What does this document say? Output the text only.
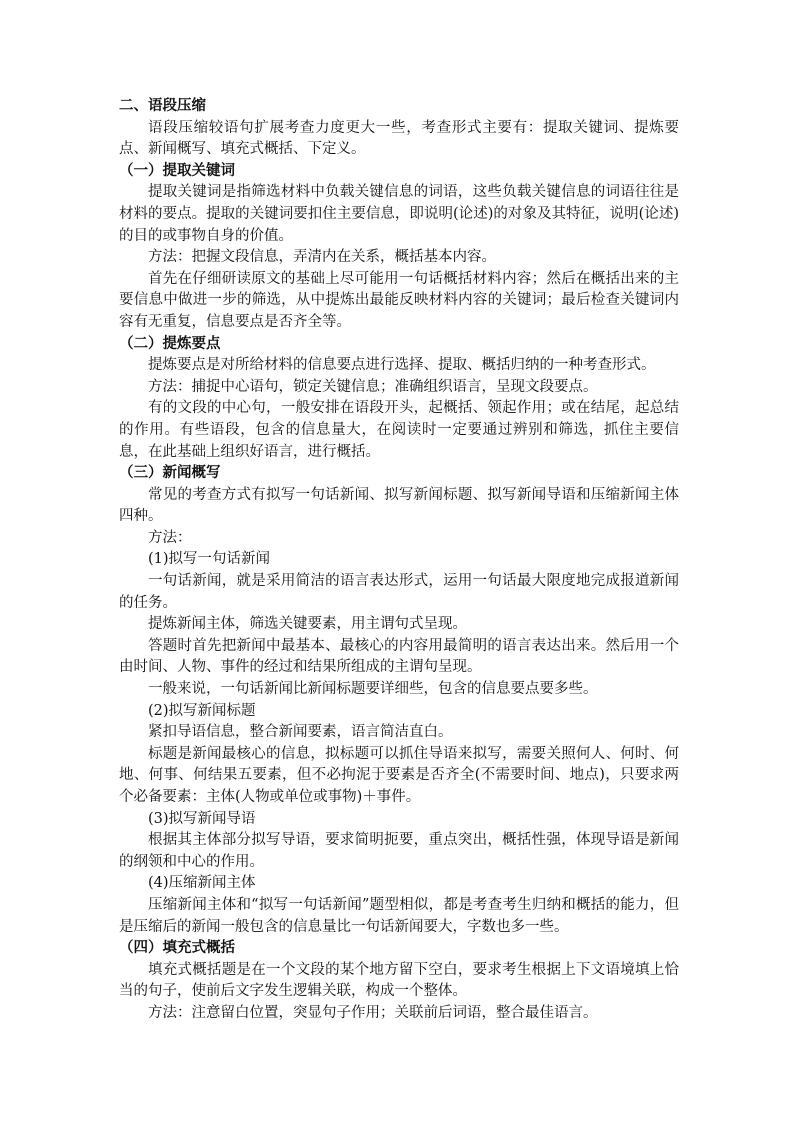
二、语段压缩

语段压缩较语句扩展考查力度更大一些，考查形式主要有：提取关键词、提炼要点、新闻概写、填充式概括、下定义。

（一）提取关键词

提取关键词是指筛选材料中负载关键信息的词语，这些负载关键信息的词语往往是材料的要点。提取的关键词要扣住主要信息，即说明(论述)的对象及其特征，说明(论述)的目的或事物自身的价值。

方法：把握文段信息，弄清内在关系，概括基本内容。

首先在仔细研读原文的基础上尽可能用一句话概括材料内容；然后在概括出来的主要信息中做进一步的筛选，从中提炼出最能反映材料内容的关键词；最后检查关键词内容有无重复，信息要点是否齐全等。

（二）提炼要点

提炼要点是对所给材料的信息要点进行选择、提取、概括归纳的一种考查形式。

方法：捕捉中心语句，锁定关键信息；准确组织语言，呈现文段要点。

有的文段的中心句，一般安排在语段开头，起概括、领起作用；或在结尾，起总结的作用。有些语段，包含的信息量大，在阅读时一定要通过辨别和筛选，抓住主要信息，在此基础上组织好语言，进行概括。

（三）新闻概写

常见的考查方式有拟写一句话新闻、拟写新闻标题、拟写新闻导语和压缩新闻主体四种。

方法：

(1)拟写一句话新闻

一句话新闻，就是采用简洁的语言表达形式，运用一句话最大限度地完成报道新闻的任务。

提炼新闻主体，筛选关键要素，用主谓句式呈现。

答题时首先把新闻中最基本、最核心的内容用最简明的语言表达出来。然后用一个由时间、人物、事件的经过和结果所组成的主谓句呈现。

一般来说，一句话新闻比新闻标题要详细些，包含的信息要点要多些。

(2)拟写新闻标题

紧扣导语信息，整合新闻要素，语言简洁直白。

标题是新闻最核心的信息，拟标题可以抓住导语来拟写，需要关照何人、何时、何地、何事、何结果五要素，但不必拘泥于要素是否齐全(不需要时间、地点)，只要求两个必备要素：主体(人物或单位或事物)＋事件。

(3)拟写新闻导语

根据其主体部分拟写导语，要求简明扼要，重点突出，概括性强，体现导语是新闻的纲领和中心的作用。

(4)压缩新闻主体

压缩新闻主体和“拟写一句话新闻”题型相似，都是考查考生归纳和概括的能力，但是压缩后的新闻一般包含的信息量比一句话新闻要大，字数也多一些。

（四）填充式概括

填充式概括题是在一个文段的某个地方留下空白，要求考生根据上下文语境填上恰当的句子，使前后文字发生逻辑关联，构成一个整体。

方法：注意留白位置，突显句子作用；关联前后词语，整合最佳语言。
